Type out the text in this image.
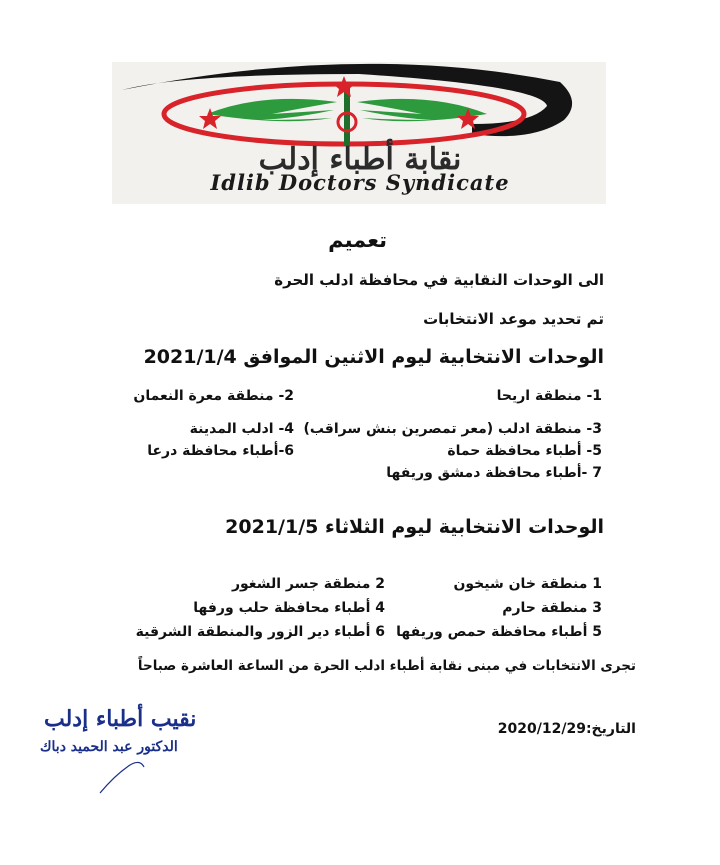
نقابة أطباء إدلب
Idlib Doctors Syndicate
تعميم
الى الوحدات النقابية في محافظة ادلب الحرة
تم تحديد موعد الانتخابات
الوحدات الانتخابية ليوم الاثنين الموافق 2021/1/4
1- منطقة اريحا
2- منطقة معرة النعمان
3- منطقة ادلب (معر تمصرين بنش سراقب)
4- ادلب المدينة
5- أطباء محافظة حماة
6-أطباء محافظة درعا
7 -أطباء محافظة دمشق وريفها
الوحدات الانتخابية ليوم الثلاثاء 2021/1/5
1 منطقة خان شيخون
2 منطقة جسر الشغور
3 منطقة حارم
4 أطباء محافظة حلب ورفها
5 أطباء محافظة حمص وريفها
6 أطباء دير الزور والمنطقة الشرقية
تجرى الانتخابات في مبنى نقابة أطباء ادلب الحرة من الساعة العاشرة صباحاً
التاريخ:2020/12/29
نقيب أطباء إدلب
الدكتور عبد الحميد دباك
